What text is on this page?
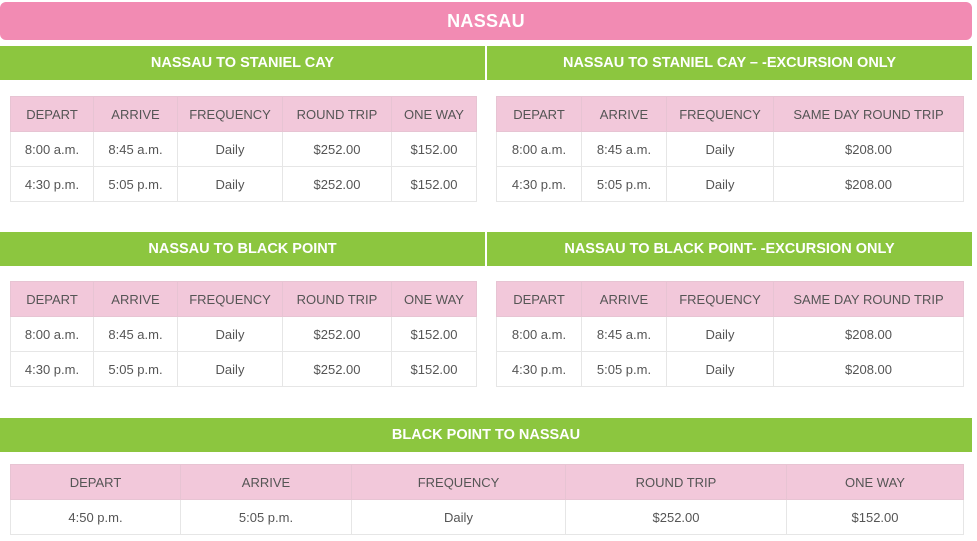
NASSAU
NASSAU TO STANIEL CAY
DEPART	ARRIVE	FREQUENCY	ROUND TRIP	ONE WAY
8:00 a.m.	8:45 a.m.	Daily	$252.00	$152.00
4:30 p.m.	5:05 p.m.	Daily	$252.00	$152.00
NASSAU TO STANIEL CAY – -EXCURSION ONLY
DEPART	ARRIVE	FREQUENCY	SAME DAY ROUND TRIP
8:00 a.m.	8:45 a.m.	Daily	$208.00
4:30 p.m.	5:05 p.m.	Daily	$208.00
NASSAU TO BLACK POINT
DEPART	ARRIVE	FREQUENCY	ROUND TRIP	ONE WAY
8:00 a.m.	8:45 a.m.	Daily	$252.00	$152.00
4:30 p.m.	5:05 p.m.	Daily	$252.00	$152.00
NASSAU TO BLACK POINT- -EXCURSION ONLY
DEPART	ARRIVE	FREQUENCY	SAME DAY ROUND TRIP
8:00 a.m.	8:45 a.m.	Daily	$208.00
4:30 p.m.	5:05 p.m.	Daily	$208.00
BLACK POINT TO NASSAU
DEPART	ARRIVE	FREQUENCY	ROUND TRIP	ONE WAY
4:50 p.m.	5:05 p.m.	Daily	$252.00	$152.00
